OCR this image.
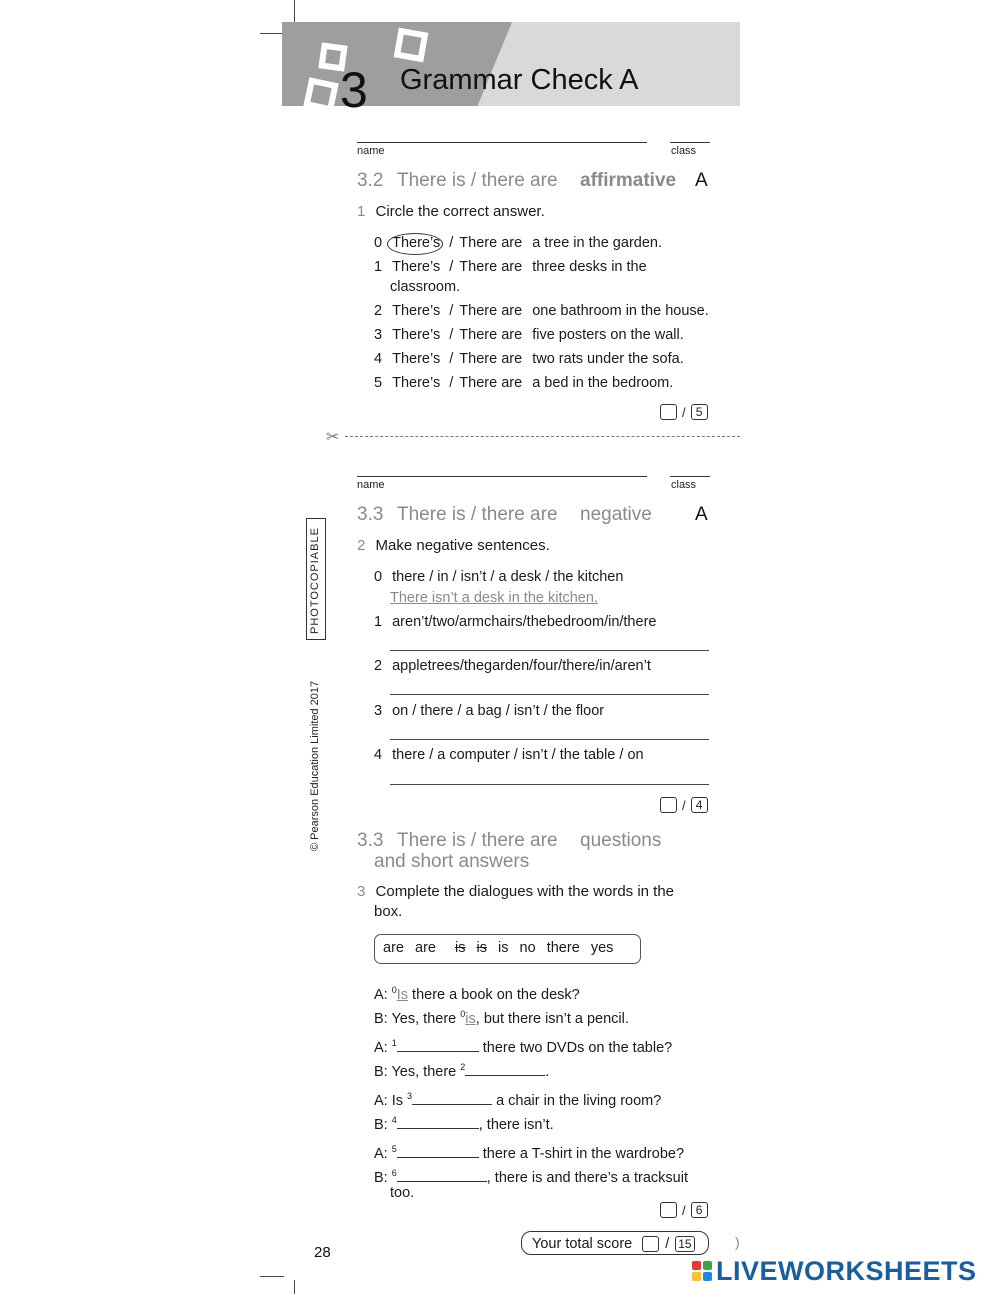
3 Grammar Check A
name	class
3.2 There is / there are affirmative A
1 Circle the correct answer.
0 There’s / There are a tree in the garden.
1 There’s / There are three desks in the
classroom.
2 There’s / There are one bathroom in the house.
3 There’s / There are five posters on the wall.
4 There’s / There are two rats under the sofa.
5 There’s / There are a bed in the bedroom.
/ 5
✂
name	class
3.3 There is / there are negative A
2 Make negative sentences.
0 there / in / isn’t / a desk / the kitchen
There isn’t a desk in the kitchen.
1 aren’t/two/armchairs/thebedroom/in/there
2 appletrees/thegarden/four/there/in/aren’t
3 on / there / a bag / isn’t / the floor
4 there / a computer / isn’t / the table / on
/ 4
3.3 There is / there are questions
and short answers
3 Complete the dialogues with the words in the
box.
are are is is is no there yes
A: $^0$Is there a book on the desk?
B: Yes, there $^0$is, but there isn’t a pencil.
A: $^1$	there two DVDs on the table?
B: Yes, there $^2$	.
A: Is $^3$	a chair in the living room?
B: $^4$	, there isn’t.
A: $^5$	there a T-shirt in the wardrobe?
B: $^6$	, there is and there’s a tracksuit
too.
/ 6
Your total score / 15	)
PHOTOCOPIABLE
© Pearson Education Limited 2017
28
LIVEWORKSHEETS
